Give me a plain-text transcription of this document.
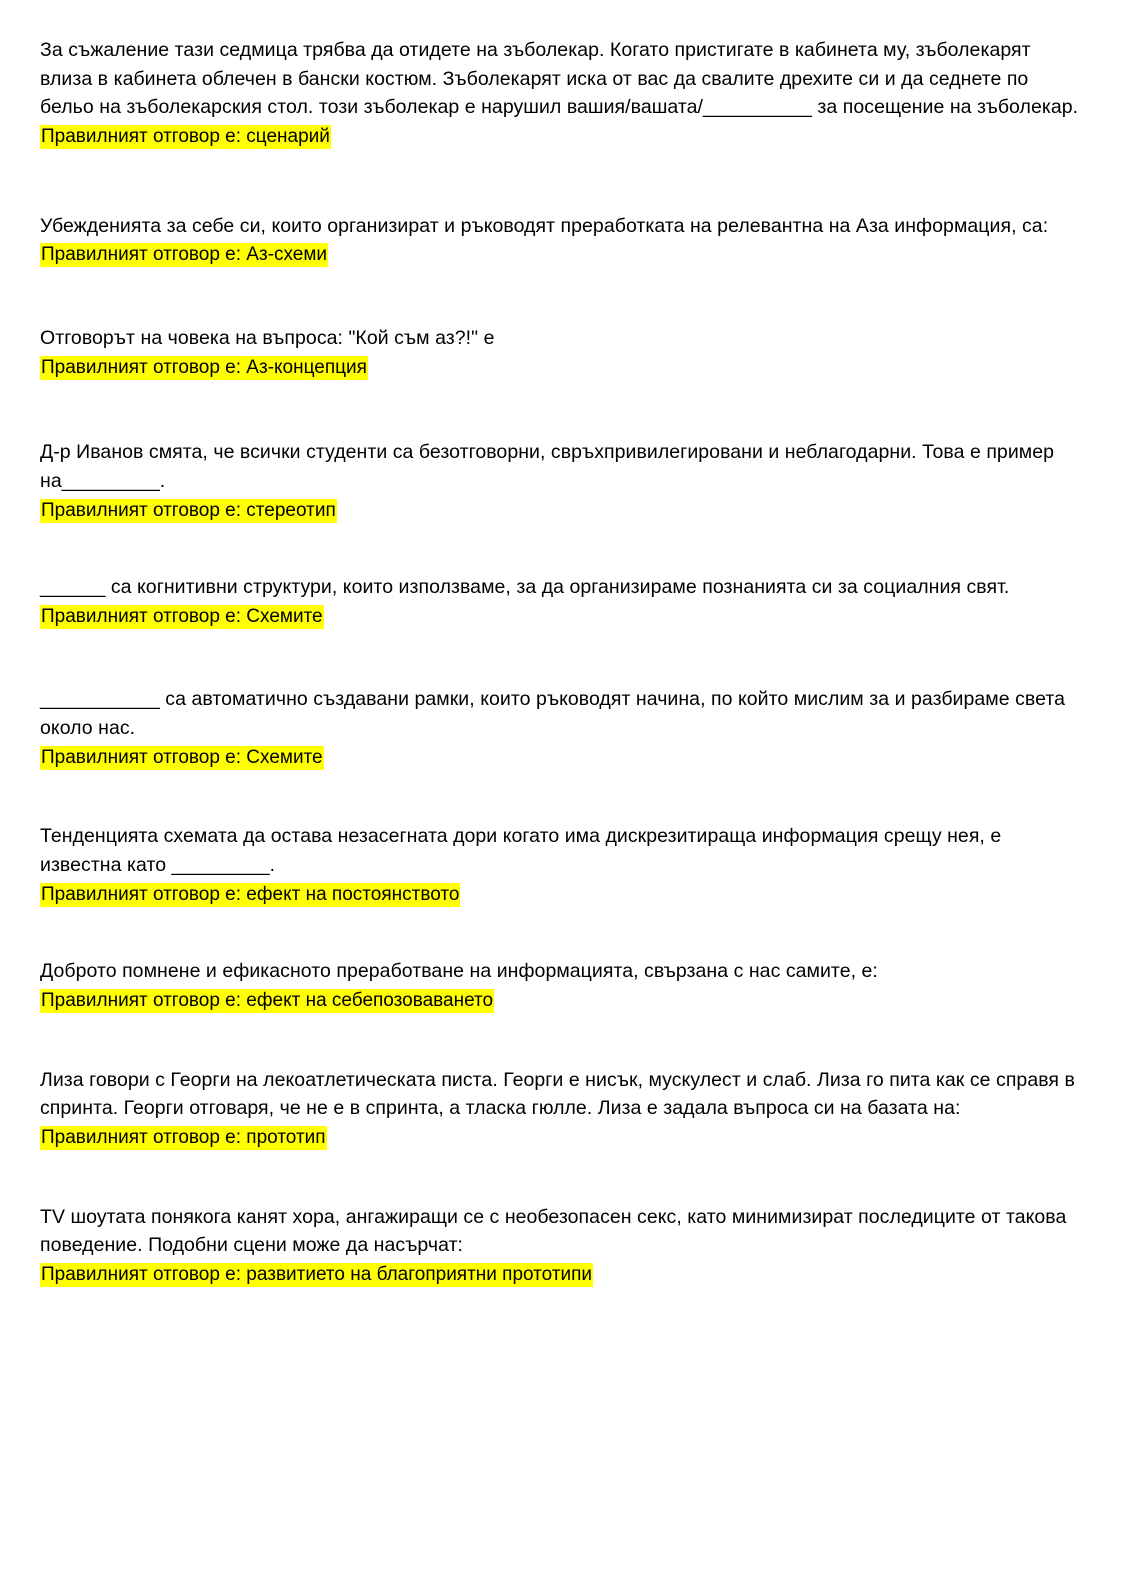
За съжаление тази седмица трябва да отидете на зъболекар. Когато пристигате в кабинета му, зъболекарят влиза в кабинета облечен в бански костюм. Зъболекарят иска от вас да свалите дрехите си и да седнете по бельо на зъболекарския стол. този зъболекар е нарушил вашия/вашата/__________ за посещение на зъболекар.

Правилният отговор е: сценарий

Убежденията за себе си, които организират и ръководят преработката на релевантна на Аза информация, са:

Правилният отговор е: Аз-схеми

Отговорът на човека на въпроса: "Кой съм аз?!" е

Правилният отговор е: Аз-концепция

Д-р Иванов смята, че всички студенти са безотговорни, свръхпривилегировани и неблагодарни. Това е пример на_________.

Правилният отговор е: стереотип

______ са когнитивни структури, които използваме, за да организираме познанията си за социалния свят.

Правилният отговор е: Схемите

___________ са автоматично създавани рамки, които ръководят начина, по който мислим за и разбираме света около нас.

Правилният отговор е: Схемите

Тенденцията схемата да остава незасегната дори когато има дискрезитираща информация срещу нея, е известна като _________.

Правилният отговор е: ефект на постоянството

Доброто помнене и ефикасното преработване на информацията, свързана с нас самите, е:

Правилният отговор е: ефект на себепозоваването

Лиза говори с Георги на лекоатлетическата писта. Георги е нисък, мускулест и слаб. Лиза го пита как се справя в спринта. Георги отговаря, че не е в спринта, а тласка гюлле. Лиза е задала въпроса си на базата на:

Правилният отговор е: прототип

TV шоутата понякога канят хора, ангажиращи се с необезопасен секс, като минимизират последиците от такова поведение. Подобни сцени може да насърчат:

Правилният отговор е: развитието на благоприятни прототипи
